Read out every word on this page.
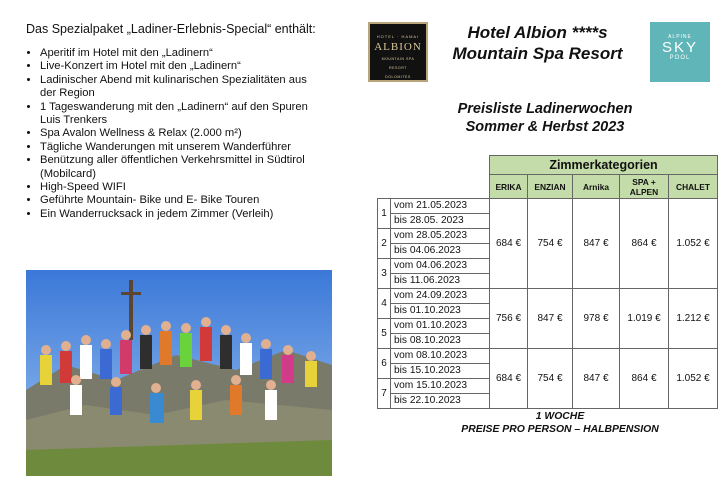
Das Spezialpaket „Ladiner-Erlebnis-Special“ enthält:

• Aperitif im Hotel mit den „Ladinern“
• Live-Konzert im Hotel mit den „Ladinern“
• Ladinischer Abend mit kulinarischen Spezialitäten aus der Region
• 1 Tageswanderung mit den „Ladinern“ auf den Spuren Luis Trenkers
• Spa Avalon Wellness & Relax (2.000 m²)
• Tägliche Wanderungen mit unserem Wanderführer
• Benützung aller öffentlichen Verkehrsmittel in Südtirol (Mobilcard)
• High-Speed WIFI
• Geführte Mountain- Bike und E- Bike Touren
• Ein Wanderrucksack in jedem Zimmer (Verleih)
HOTEL · HAMAI
ALBION
MOUNTAIN SPA
RESORT
DOLOMITES
Hotel Albion ****s
Mountain Spa Resort
ALPINE
SKY
POOL
Preisliste Ladinerwochen
Sommer & Herbst 2023
		Zimmerkategorien				
		ERIKA	ENZIAN	Arnika	SPA + ALPEN	CHALET
1	vom 21.05.2023	684 €	754 €	847 €	864 €	1.052 €
	bis 28.05. 2023					
2	vom 28.05.2023					
	bis 04.06.2023					
3	vom 04.06.2023					
	bis 11.06.2023					
4	vom 24.09.2023	756 €	847 €	978 €	1.019 €	1.212 €
	bis 01.10.2023					
5	vom 01.10.2023					
	bis 08.10.2023					
6	vom 08.10.2023	684 €	754 €	847 €	864 €	1.052 €
	bis 15.10.2023					
7	vom 15.10.2023					
	bis 22.10.2023					
1 WOCHE
PREISE PRO PERSON – HALBPENSION
